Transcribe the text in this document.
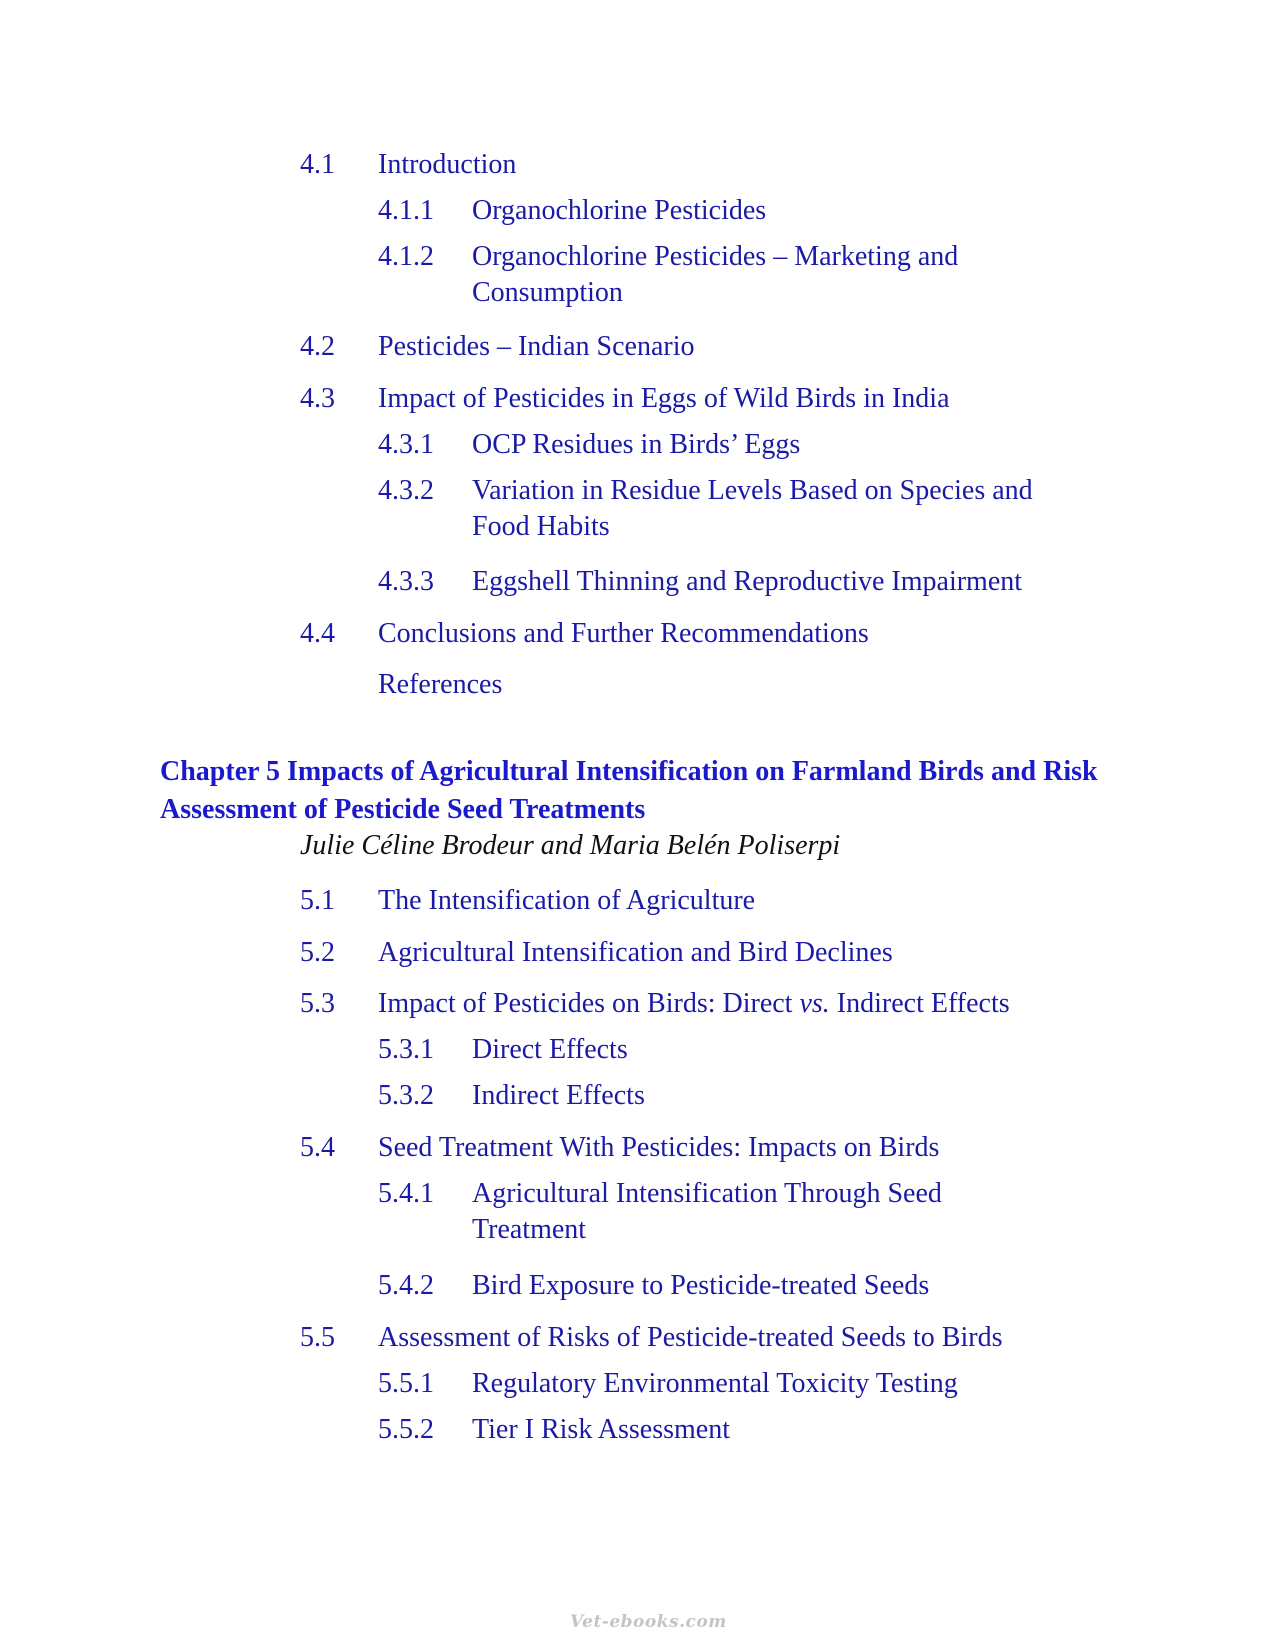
4.1 Introduction
4.1.1 Organochlorine Pesticides
4.1.2 Organochlorine Pesticides – Marketing and Consumption
4.2 Pesticides – Indian Scenario
4.3 Impact of Pesticides in Eggs of Wild Birds in India
4.3.1 OCP Residues in Birds’ Eggs
4.3.2 Variation in Residue Levels Based on Species and Food Habits
4.3.3 Eggshell Thinning and Reproductive Impairment
4.4 Conclusions and Further Recommendations
References
Chapter 5 Impacts of Agricultural Intensification on Farmland Birds and Risk Assessment of Pesticide Seed Treatments
Julie Céline Brodeur and Maria Belén Poliserpi
5.1 The Intensification of Agriculture
5.2 Agricultural Intensification and Bird Declines
5.3 Impact of Pesticides on Birds: Direct vs. Indirect Effects
5.3.1 Direct Effects
5.3.2 Indirect Effects
5.4 Seed Treatment With Pesticides: Impacts on Birds
5.4.1 Agricultural Intensification Through Seed Treatment
5.4.2 Bird Exposure to Pesticide-treated Seeds
5.5 Assessment of Risks of Pesticide-treated Seeds to Birds
5.5.1 Regulatory Environmental Toxicity Testing
5.5.2 Tier I Risk Assessment
Vet-ebooks.com
